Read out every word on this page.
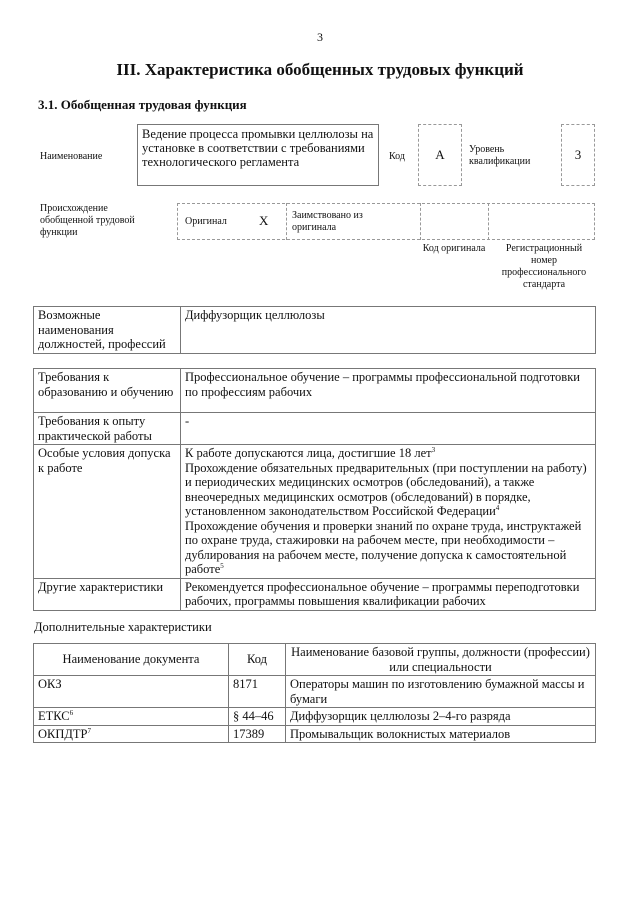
3
III. Характеристика обобщенных трудовых функций
3.1. Обобщенная трудовая функция
Наименование
Ведение процесса промывки целлюлозы на установке в соответствии с требованиями технологического регламента	Код	A	Уровень квалификации	3
Происхождение обобщенной трудовой функции
Оригинал X Заимствовано из оригинала
Код оригинала	Регистрационный номер профессионального стандарта
Возможные наименования должностей, профессий	Диффузорщик целлюлозы
Требования к образованию и обучению	Профессиональное обучение – программы профессиональной подготовки по профессиям рабочих
Требования к опыту практической работы	-
Особые условия допуска к работе	К работе допускаются лица, достигшие 18 лет$^3$
Прохождение обязательных предварительных (при поступлении на работу) и периодических медицинских осмотров (обследований), а также внеочередных медицинских осмотров (обследований) в порядке, установленном законодательством Российской Федерации$^4$
Прохождение обучения и проверки знаний по охране труда, инструктажей по охране труда, стажировки на рабочем месте, при необходимости – дублирования на рабочем месте, получение допуска к самостоятельной работе$^5$

Другие характеристики	Рекомендуется профессиональное обучение – программы переподготовки рабочих, программы повышения квалификации рабочих
Дополнительные характеристики
Наименование документа	Код	Наименование базовой группы, должности (профессии) или специальности
ОКЗ	8171	Операторы машин по изготовлению бумажной массы и бумаги
ЕТКС$^6$	§ 44–46	Диффузорщик целлюлозы 2–4-го разряда
ОКПДТР$^7$	17389	Промывальщик волокнистых материалов
